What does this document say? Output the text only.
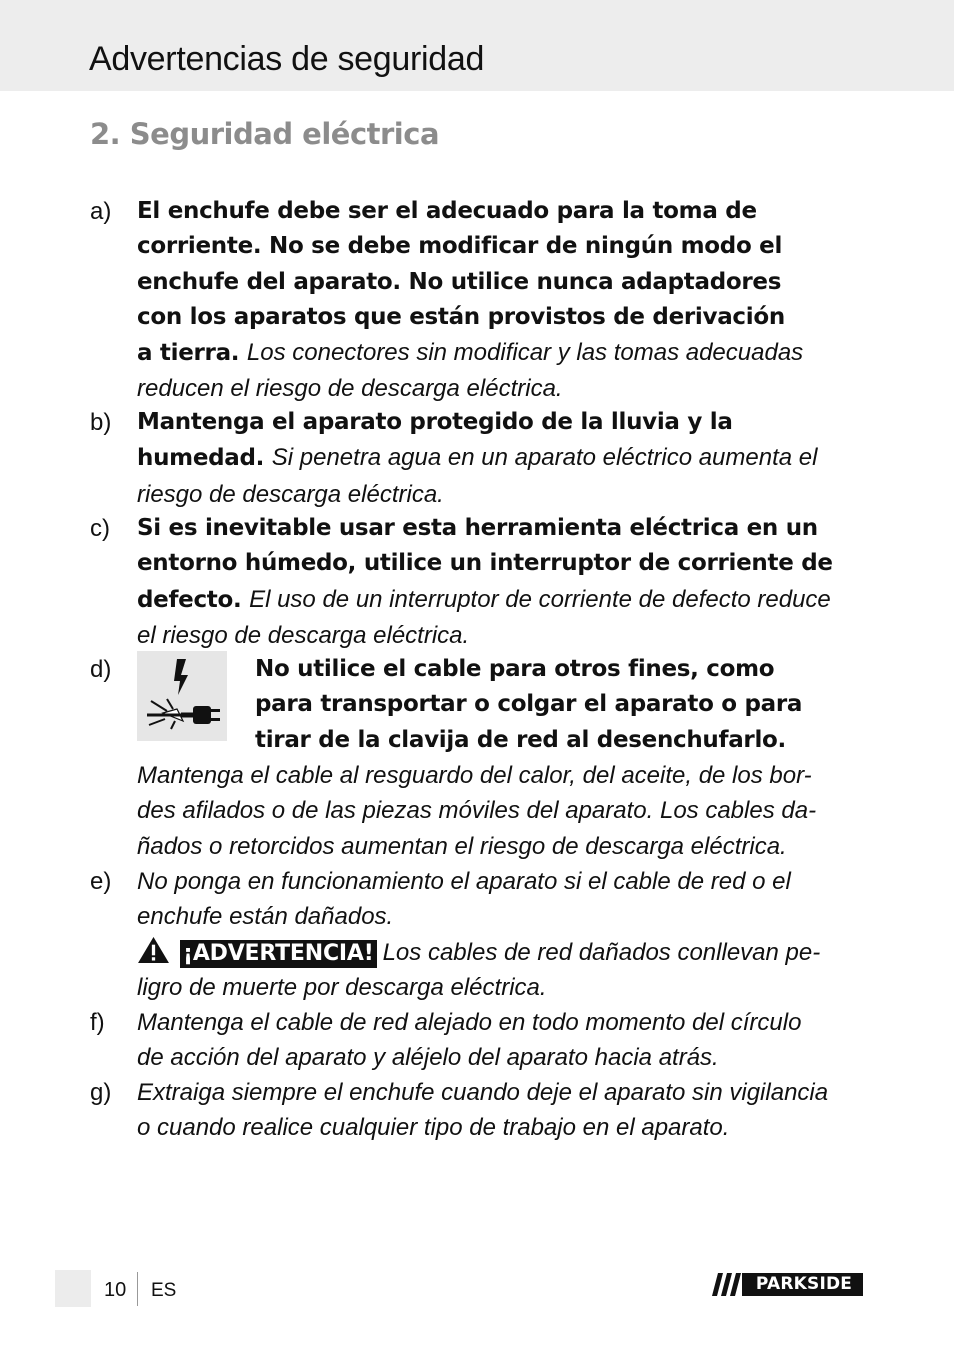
Advertencias de seguridad
2. Seguridad eléctrica
a) El enchufe debe ser el adecuado para la toma de
corriente. No se debe modificar de ningún modo el
enchufe del aparato. No utilice nunca adaptadores
con los aparatos que están provistos de derivación
a tierra. Los conectores sin modificar y las tomas adecuadas
reducen el riesgo de descarga eléctrica.
b) Mantenga el aparato protegido de la lluvia y la
humedad. Si penetra agua en un aparato eléctrico aumenta el
riesgo de descarga eléctrica.
c) Si es inevitable usar esta herramienta eléctrica en un
entorno húmedo, utilice un interruptor de corriente de
defecto. El uso de un interruptor de corriente de defecto reduce
el riesgo de descarga eléctrica.
d)	No utilice el cable para otros fines, como
para transportar o colgar el aparato o para
tirar de la clavija de red al desenchufarlo.
Mantenga el cable al resguardo del calor, del aceite, de los bor-
des afilados o de las piezas móviles del aparato. Los cables da-
ñados o retorcidos aumentan el riesgo de descarga eléctrica.
e) No ponga en funcionamiento el aparato si el cable de red o el
enchufe están dañados.
¡ADVERTENCIA! Los cables de red dañados conllevan pe-
ligro de muerte por descarga eléctrica.
f) Mantenga el cable de red alejado en todo momento del círculo
de acción del aparato y aléjelo del aparato hacia atrás.
g) Extraiga siempre el enchufe cuando deje el aparato sin vigilancia
o cuando realice cualquier tipo de trabajo en el aparato.
10 ES	PARKSIDE
